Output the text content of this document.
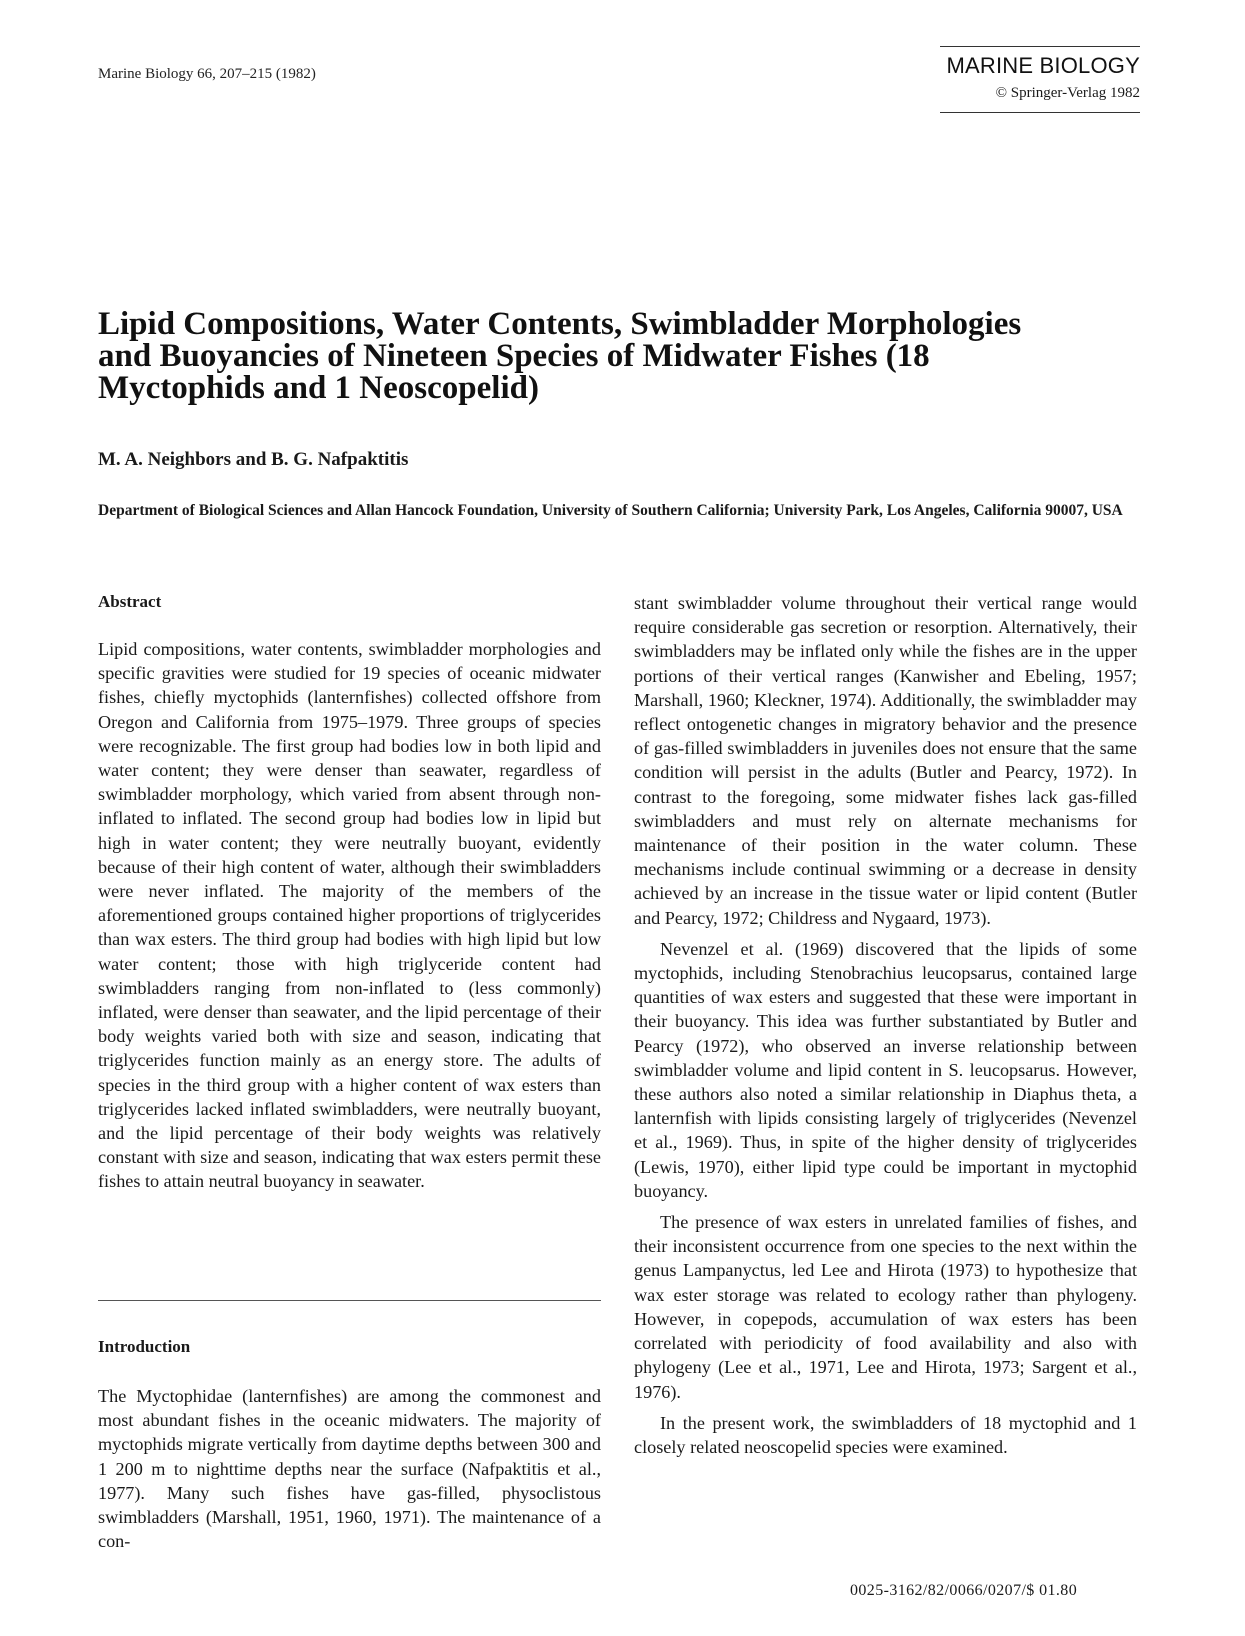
Marine Biology 66, 207–215 (1982)	MARINE BIOLOGY
© Springer-Verlag 1982
Lipid Compositions, Water Contents, Swimbladder Morphologies and Buoyancies of Nineteen Species of Midwater Fishes (18 Myctophids and 1 Neoscopelid)
M. A. Neighbors and B. G. Nafpaktitis
Department of Biological Sciences and Allan Hancock Foundation, University of Southern California; University Park, Los Angeles, California 90007, USA
Abstract

Lipid compositions, water contents, swimbladder morphologies and specific gravities were studied for 19 species of oceanic midwater fishes, chiefly myctophids (lanternfishes) collected offshore from Oregon and California from 1975–1979. Three groups of species were recognizable. The first group had bodies low in both lipid and water content; they were denser than seawater, regardless of swimbladder morphology, which varied from absent through non-inflated to inflated. The second group had bodies low in lipid but high in water content; they were neutrally buoyant, evidently because of their high content of water, although their swimbladders were never inflated. The majority of the members of the aforementioned groups contained higher proportions of triglycerides than wax esters. The third group had bodies with high lipid but low water content; those with high triglyceride content had swimbladders ranging from non-inflated to (less commonly) inflated, were denser than seawater, and the lipid percentage of their body weights varied both with size and season, indicating that triglycerides function mainly as an energy store. The adults of species in the third group with a higher content of wax esters than triglycerides lacked inflated swimbladders, were neutrally buoyant, and the lipid percentage of their body weights was relatively constant with size and season, indicating that wax esters permit these fishes to attain neutral buoyancy in seawater.

Introduction

The Myctophidae (lanternfishes) are among the commonest and most abundant fishes in the oceanic midwaters. The majority of myctophids migrate vertically from daytime depths between 300 and 1 200 m to nighttime depths near the surface (Nafpaktitis et al., 1977). Many such fishes have gas-filled, physoclistous swimbladders (Marshall, 1951, 1960, 1971). The maintenance of a con-

stant swimbladder volume throughout their vertical range would require considerable gas secretion or resorption. Alternatively, their swimbladders may be inflated only while the fishes are in the upper portions of their vertical ranges (Kanwisher and Ebeling, 1957; Marshall, 1960; Kleckner, 1974). Additionally, the swimbladder may reflect ontogenetic changes in migratory behavior and the presence of gas-filled swimbladders in juveniles does not ensure that the same condition will persist in the adults (Butler and Pearcy, 1972). In contrast to the foregoing, some midwater fishes lack gas-filled swimbladders and must rely on alternate mechanisms for maintenance of their position in the water column. These mechanisms include continual swimming or a decrease in density achieved by an increase in the tissue water or lipid content (Butler and Pearcy, 1972; Childress and Nygaard, 1973).

Nevenzel et al. (1969) discovered that the lipids of some myctophids, including Stenobrachius leucopsarus, contained large quantities of wax esters and suggested that these were important in their buoyancy. This idea was further substantiated by Butler and Pearcy (1972), who observed an inverse relationship between swimbladder volume and lipid content in S. leucopsarus. However, these authors also noted a similar relationship in Diaphus theta, a lanternfish with lipids consisting largely of triglycerides (Nevenzel et al., 1969). Thus, in spite of the higher density of triglycerides (Lewis, 1970), either lipid type could be important in myctophid buoyancy.

The presence of wax esters in unrelated families of fishes, and their inconsistent occurrence from one species to the next within the genus Lampanyctus, led Lee and Hirota (1973) to hypothesize that wax ester storage was related to ecology rather than phylogeny. However, in copepods, accumulation of wax esters has been correlated with periodicity of food availability and also with phylogeny (Lee et al., 1971, Lee and Hirota, 1973; Sargent et al., 1976).

In the present work, the swimbladders of 18 myctophid and 1 closely related neoscopelid species were examined.

0025-3162/82/0066/0207/$ 01.80
